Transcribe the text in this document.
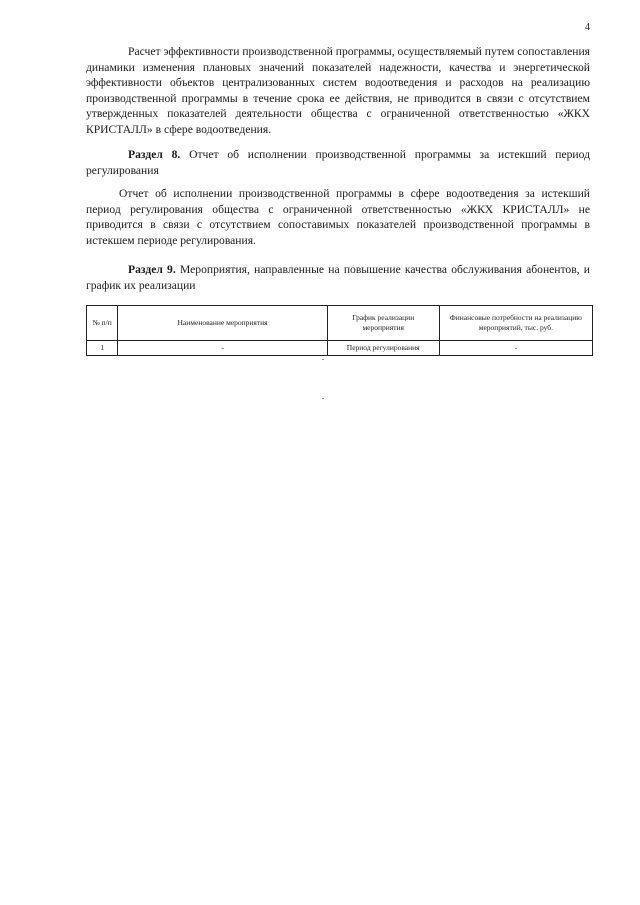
4

Расчет эффективности производственной программы, осуществляемый путем сопоставления динамики изменения плановых значений показателей надежности, качества и энергетической эффективности объектов централизованных систем водоотведения и расходов на реализацию производственной программы в течение срока ее действия, не приводится в связи с отсутствием утвержденных показателей деятельности общества с ограниченной ответственностью «ЖКХ КРИСТАЛЛ» в сфере водоотведения.

Раздел 8. Отчет об исполнении производственной программы за истекший период регулирования

Отчет об исполнении производственной программы в сфере водоотведения за истекший период регулирования общества с ограниченной ответственностью «ЖКХ КРИСТАЛЛ» не приводится в связи с отсутствием сопоставимых показателей производственной программы в истекшем периоде регулирования.

Раздел 9. Мероприятия, направленные на повышение качества обслуживания абонентов, и график их реализации

№ п/п	Наименование мероприятия	График реализации мероприятия	Финансовые потребности на реализацию мероприятий, тыс. руб.
1	-	Период регулирования	-
